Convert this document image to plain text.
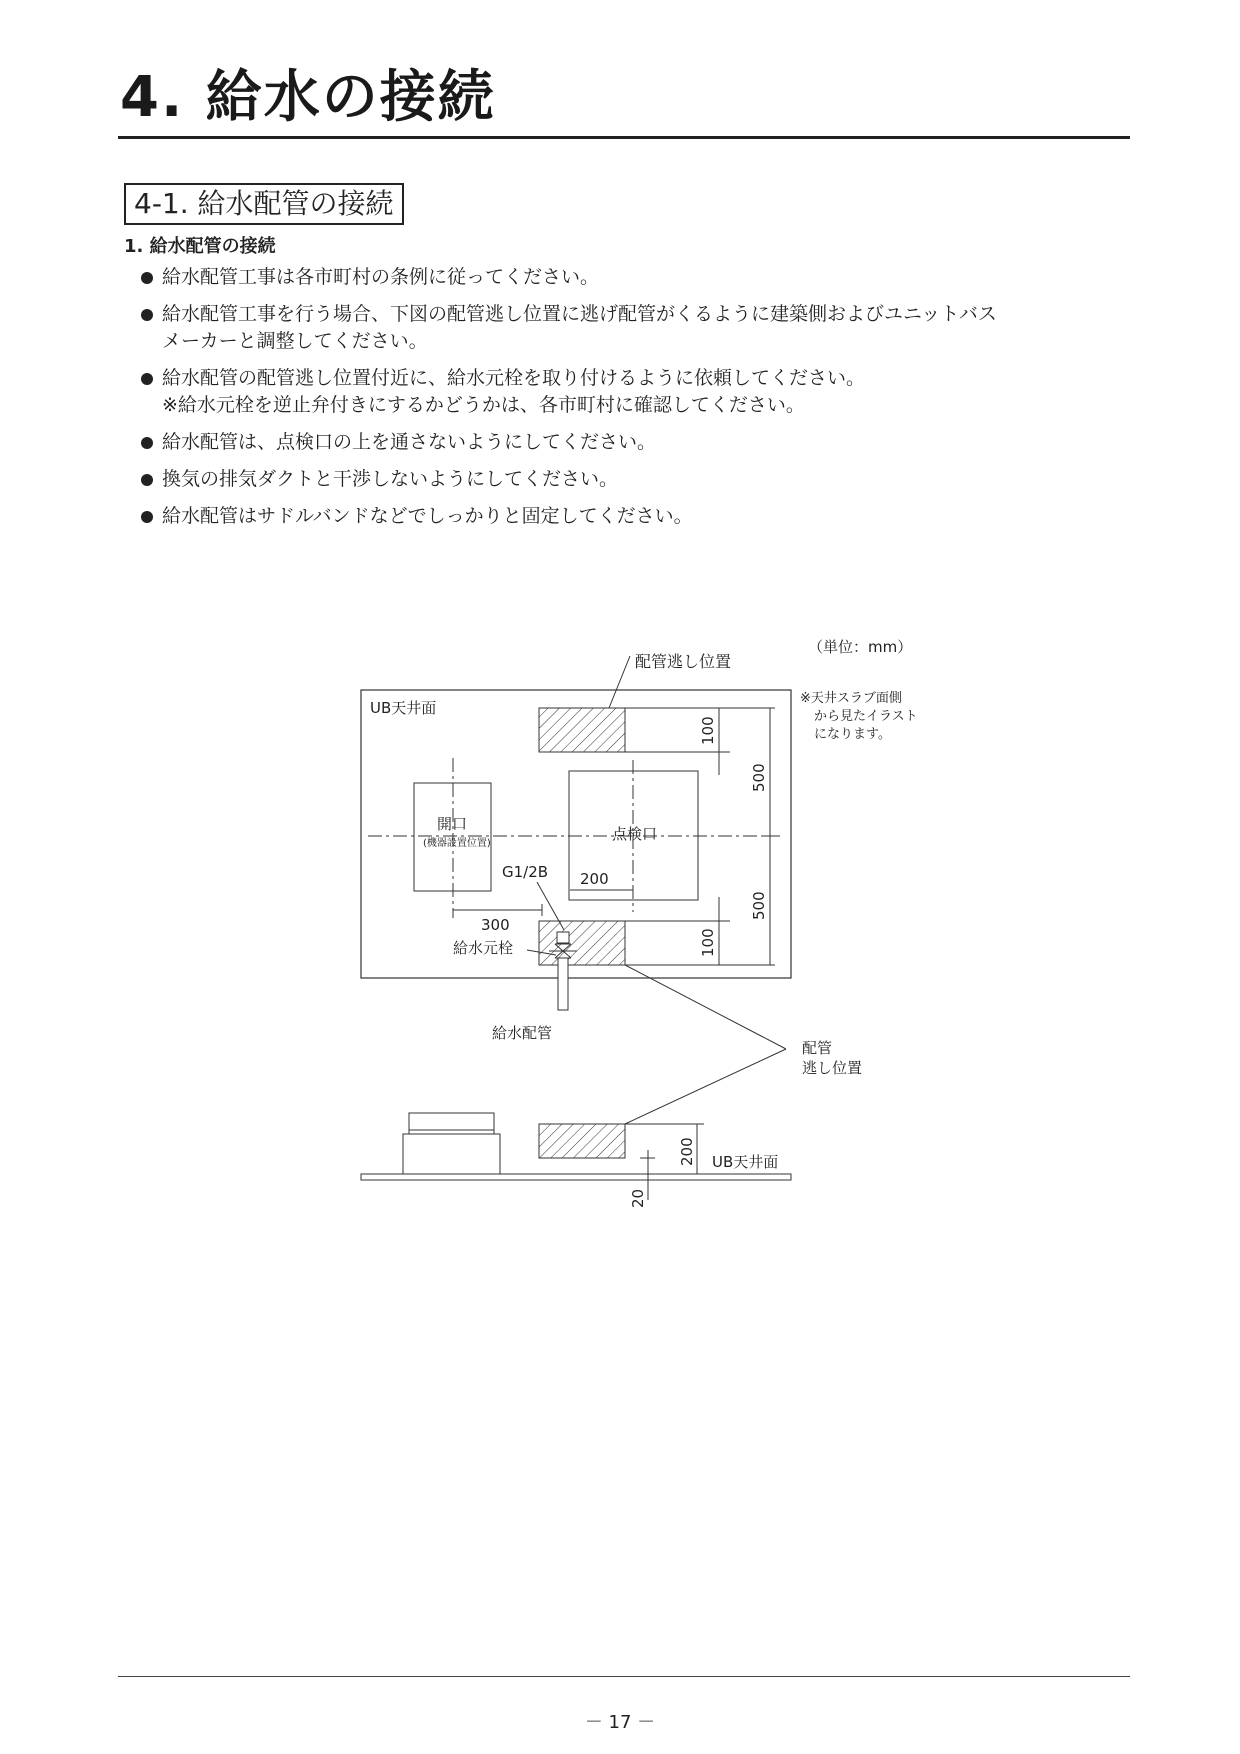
4. 給水の接続
4-1. 給水配管の接続
1. 給水配管の接続
給水配管工事は各市町村の条例に従ってください。
給水配管工事を行う場合、下図の配管逃し位置に逃げ配管がくるように建築側およびユニットバス
メーカーと調整してください。
給水配管の配管逃し位置付近に、給水元栓を取り付けるように依頼してください。
※給水元栓を逆止弁付きにするかどうかは、各市町村に確認してください。
給水配管は、点検口の上を通さないようにしてください。
換気の排気ダクトと干渉しないようにしてください。
給水配管はサドルバンドなどでしっかりと固定してください。
（単位：mm）
※天井スラブ面側
から見たイラスト
になります。
UB天井面
配管逃し位置
開口
(機器設置位置)
点検口
200
100
500
500
100
G1/2B
300
給水元栓
給水配管
配管
逃し位置
UB天井面
200
20
－ 17 －
